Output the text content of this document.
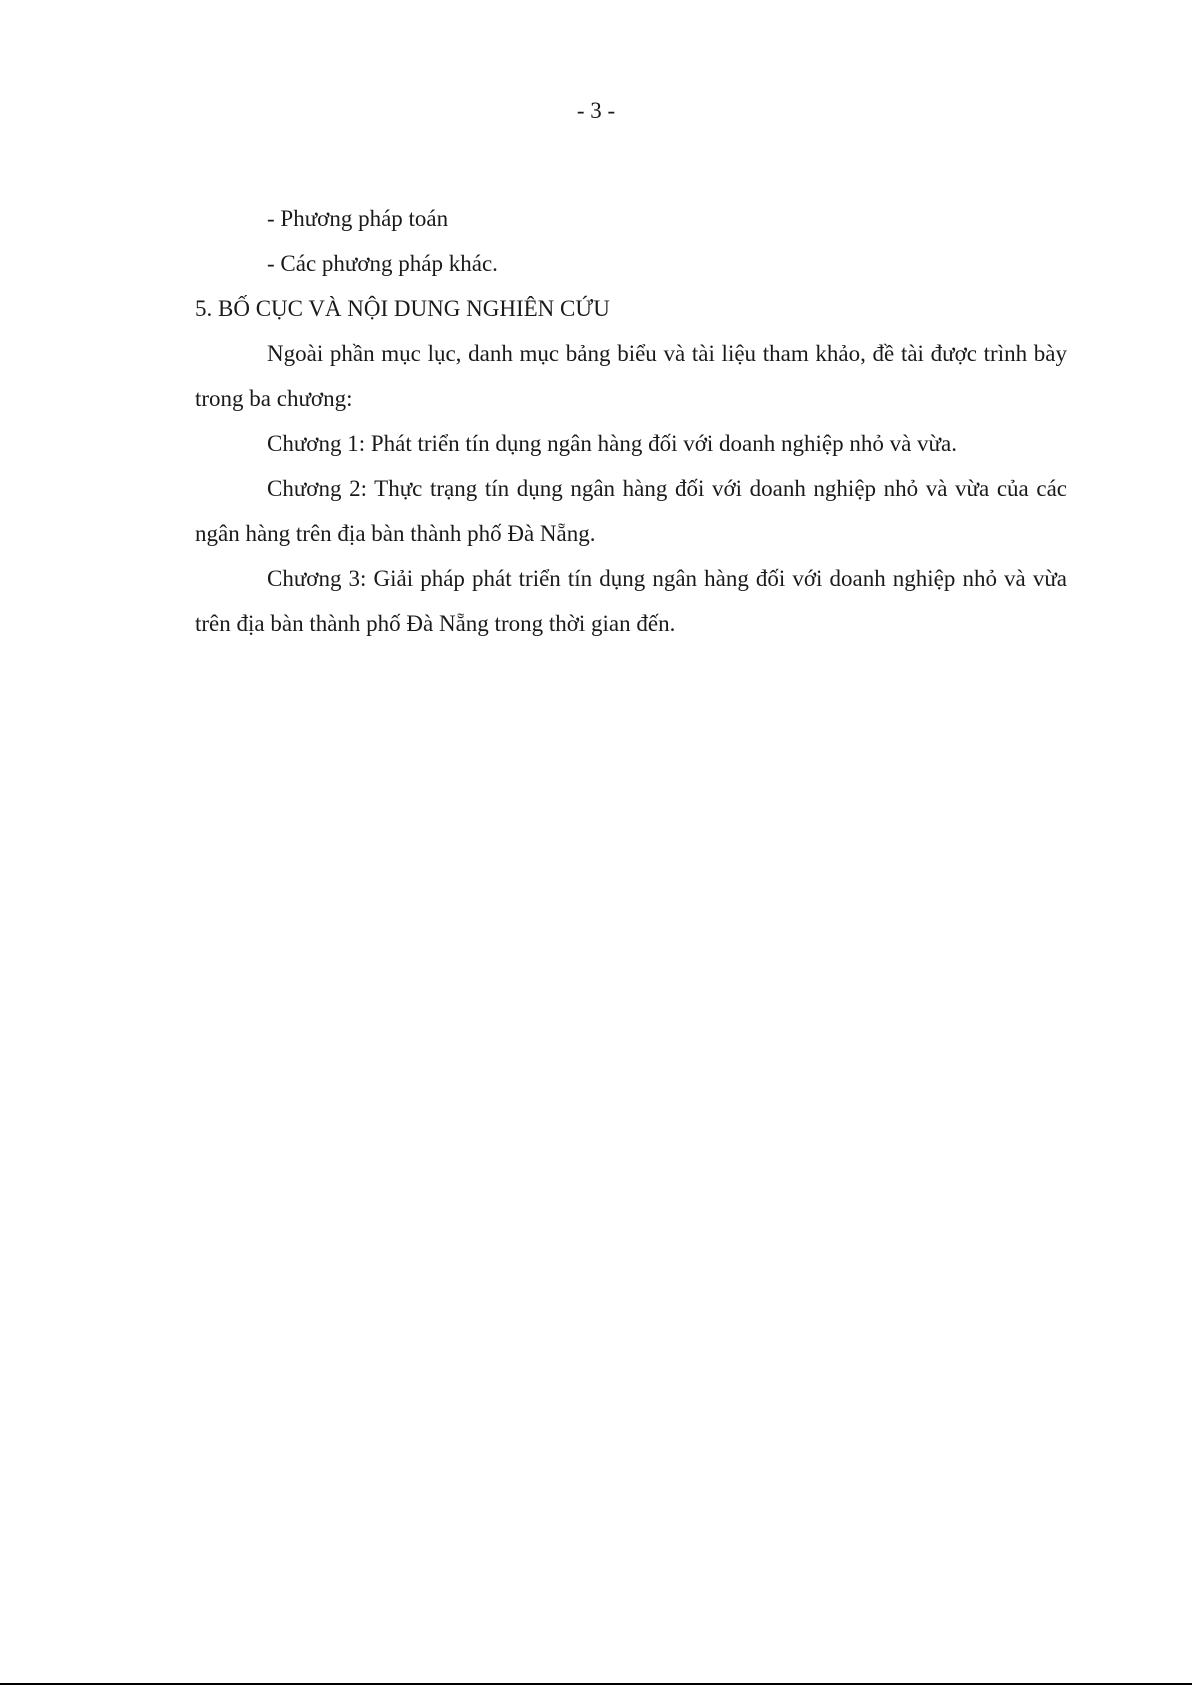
- 3 -

- Phương pháp toán

- Các phương pháp khác.

5. BỐ CỤC VÀ NỘI DUNG NGHIÊN CỨU

Ngoài phần mục lục, danh mục bảng biểu và tài liệu tham khảo, đề tài được trình bày trong ba chương:

Chương 1: Phát triển tín dụng ngân hàng đối với doanh nghiệp nhỏ và vừa.

Chương 2: Thực trạng tín dụng ngân hàng đối với doanh nghiệp nhỏ và vừa của các ngân hàng trên địa bàn thành phố Đà Nẵng.

Chương 3: Giải pháp phát triển tín dụng ngân hàng đối với doanh nghiệp nhỏ và vừa trên địa bàn thành phố Đà Nẵng trong thời gian đến.
